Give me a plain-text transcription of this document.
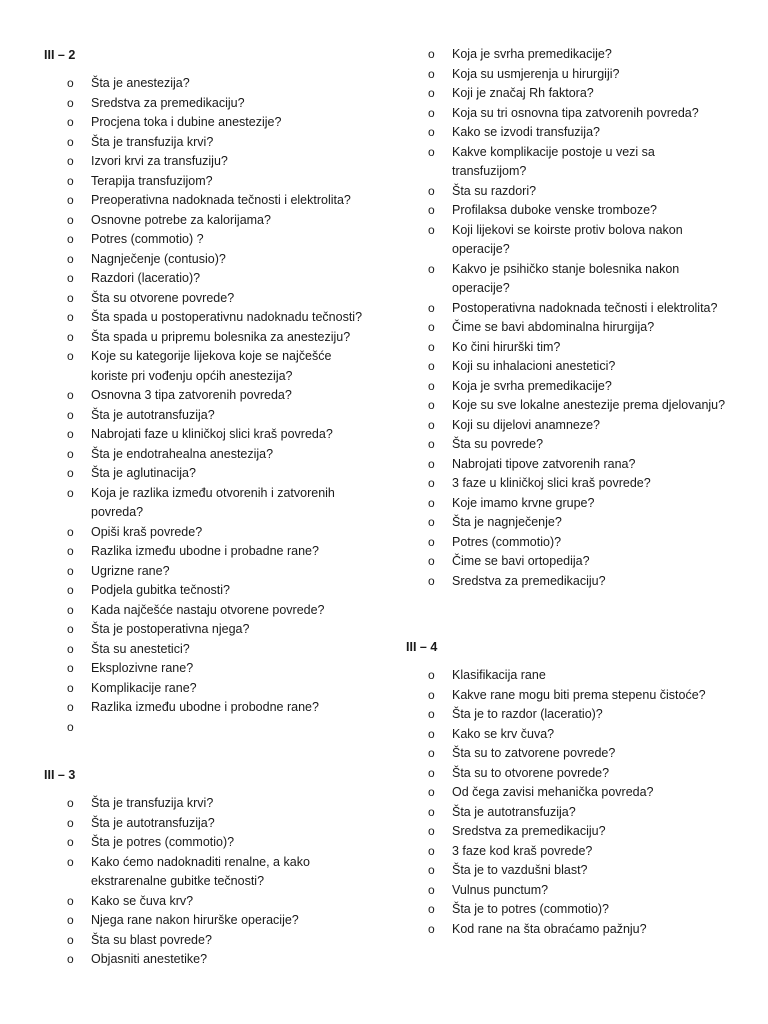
III – 2
o Šta je anestezija?
o Sredstva za premedikaciju?
o Procjena toka i dubine anestezije?
o Šta je transfuzija krvi?
o Izvori krvi za transfuziju?
o Terapija transfuzijom?
o Preoperativna nadoknada tečnosti i elektrolita?
o Osnovne potrebe za kalorijama?
o Potres (commotio) ?
o Nagnječenje (contusio)?
o Razdori (laceratio)?
o Šta su otvorene povrede?
o Šta spada u postoperativnu nadoknadu tečnosti?
o Šta spada u pripremu bolesnika za anesteziju?
o Koje su kategorije lijekova koje se najčešće koriste pri vođenju općih anestezija?
o Osnovna 3 tipa zatvorenih povreda?
o Šta je autotransfuzija?
o Nabrojati faze u kliničkoj slici kraš povreda?
o Šta je endotrahealna anestezija?
o Šta je aglutinacija?
o Koja je razlika između otvorenih i zatvorenih povreda?
o Opiši kraš povrede?
o Razlika između ubodne i probadne rane?
o Ugrizne rane?
o Podjela gubitka tečnosti?
o Kada najčešće nastaju otvorene povrede?
o Šta je postoperativna njega?
o Šta su anestetici?
o Eksplozivne rane?
o Komplikacije rane?
o Razlika između ubodne i probodne rane?
o

III – 3
o Šta je transfuzija krvi?
o Šta je autotransfuzija?
o Šta je potres (commotio)?
o Kako ćemo nadoknaditi renalne, a kako ekstrarenalne gubitke tečnosti?
o Kako se čuva krv?
o Njega rane nakon hirurške operacije?
o Šta su blast povrede?
o Objasniti anestetike?
o Koja je svrha premedikacije?
o Koja su usmjerenja u hirurgiji?
o Koji je značaj Rh faktora?
o Koja su tri osnovna tipa zatvorenih povreda?
o Kako se izvodi transfuzija?
o Kakve komplikacije postoje u vezi sa transfuzijom?
o Šta su razdori?
o Profilaksa duboke venske tromboze?
o Koji lijekovi se koirste protiv bolova nakon operacije?
o Kakvo je psihičko stanje bolesnika nakon operacije?
o Postoperativna nadoknada tečnosti i elektrolita?
o Čime se bavi abdominalna hirurgija?
o Ko čini hirurški tim?
o Koji su inhalacioni anestetici?
o Koja je svrha premedikacije?
o Koje su sve lokalne anestezije prema djelovanju?
o Koji su dijelovi anamneze?
o Šta su povrede?
o Nabrojati tipove zatvorenih rana?
o 3 faze u kliničkoj slici kraš povrede?
o Koje imamo krvne grupe?
o Šta je nagnječenje?
o Potres (commotio)?
o Čime se bavi ortopedija?
o Sredstva za premedikaciju?
III – 4
o Klasifikacija rane
o Kakve rane mogu biti prema stepenu čistoće?
o Šta je to razdor (laceratio)?
o Kako se krv čuva?
o Šta su to zatvorene povrede?
o Šta su to otvorene povrede?
o Od čega zavisi mehanička povreda?
o Šta je autotransfuzija?
o Sredstva za premedikaciju?
o 3 faze kod kraš povrede?
o Šta je to vazdušni blast?
o Vulnus punctum?
o Šta je to potres (commotio)?
o Kod rane na šta obraćamo pažnju?
